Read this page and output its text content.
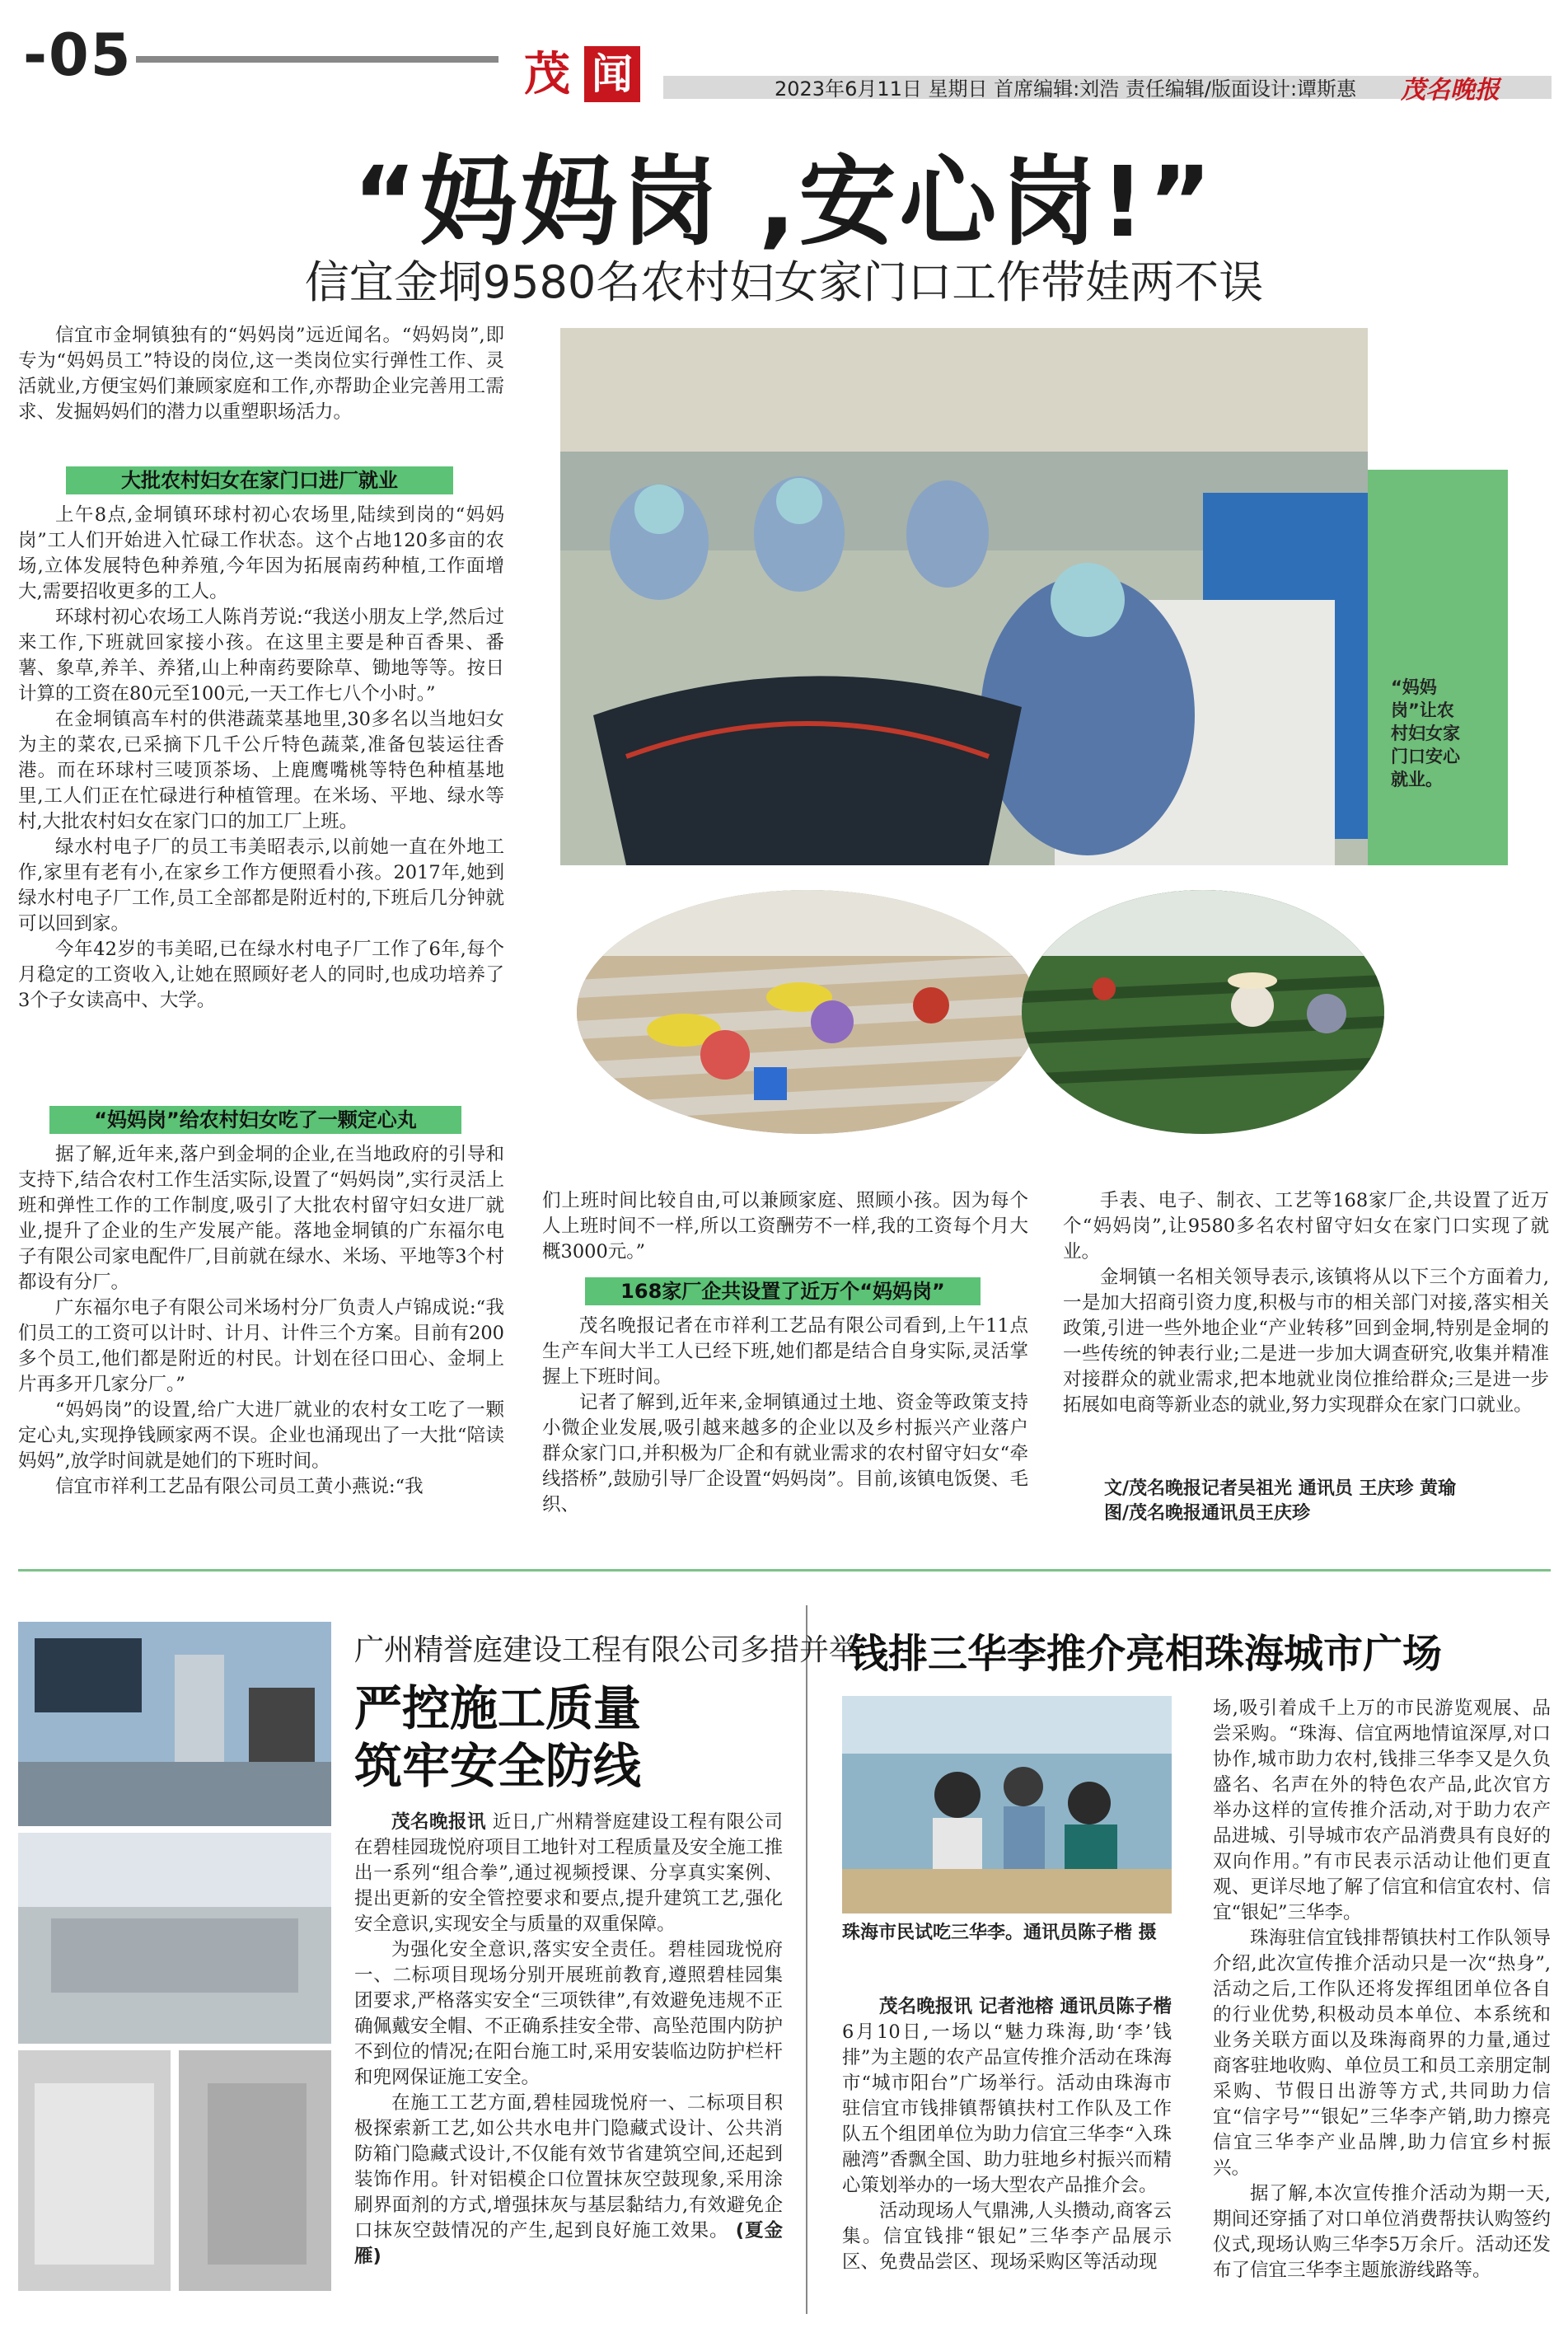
-05	茂 闻	2023年6月11日 星期日 首席编辑:刘浩 责任编辑/版面设计:谭斯惠 茂名晚报
“妈妈岗 ,安心岗!”
信宜金垌9580名农村妇女家门口工作带娃两不误

信宜市金垌镇独有的“妈妈岗”远近闻名。“妈妈岗”,即专为“妈妈员工”特设的岗位,这一类岗位实行弹性工作、灵活就业,方便宝妈们兼顾家庭和工作,亦帮助企业完善用工需求、发掘妈妈们的潜力以重塑职场活力。

大批农村妇女在家门口进厂就业

上午8点,金垌镇环球村初心农场里,陆续到岗的“妈妈岗”工人们开始进入忙碌工作状态。这个占地120多亩的农场,立体发展特色种养殖,今年因为拓展南药种植,工作面增大,需要招收更多的工人。

环球村初心农场工人陈肖芳说:“我送小朋友上学,然后过来工作,下班就回家接小孩。在这里主要是种百香果、番薯、象草,养羊、养猪,山上种南药要除草、锄地等等。按日计算的工资在80元至100元,一天工作七八个小时。”

在金垌镇高车村的供港蔬菜基地里,30多名以当地妇女为主的菜农,已采摘下几千公斤特色蔬菜,准备包装运往香港。而在环球村三唛顶茶场、上鹿鹰嘴桃等特色种植基地里,工人们正在忙碌进行种植管理。在米场、平地、绿水等村,大批农村妇女在家门口的加工厂上班。

绿水村电子厂的员工韦美昭表示,以前她一直在外地工作,家里有老有小,在家乡工作方便照看小孩。2017年,她到绿水村电子厂工作,员工全部都是附近村的,下班后几分钟就可以回到家。

今年42岁的韦美昭,已在绿水村电子厂工作了6年,每个月稳定的工资收入,让她在照顾好老人的同时,也成功培养了3个子女读高中、大学。

“妈妈岗”给农村妇女吃了一颗定心丸

据了解,近年来,落户到金垌的企业,在当地政府的引导和支持下,结合农村工作生活实际,设置了“妈妈岗”,实行灵活上班和弹性工作的工作制度,吸引了大批农村留守妇女进厂就业,提升了企业的生产发展产能。落地金垌镇的广东福尔电子有限公司家电配件厂,目前就在绿水、米场、平地等3个村都设有分厂。

广东福尔电子有限公司米场村分厂负责人卢锦成说:“我们员工的工资可以计时、计月、计件三个方案。目前有200多个员工,他们都是附近的村民。计划在径口田心、金垌上片再多开几家分厂。”

“妈妈岗”的设置,给广大进厂就业的农村女工吃了一颗定心丸,实现挣钱顾家两不误。企业也涌现出了一大批“陪读妈妈”,放学时间就是她们的下班时间。

信宜市祥利工艺品有限公司员工黄小燕说:“我

“妈妈岗”让农村妇女家门口安心就业。

们上班时间比较自由,可以兼顾家庭、照顾小孩。因为每个人上班时间不一样,所以工资酬劳不一样,我的工资每个月大概3000元。”

168家厂企共设置了近万个“妈妈岗”

茂名晚报记者在市祥利工艺品有限公司看到,上午11点生产车间大半工人已经下班,她们都是结合自身实际,灵活掌握上下班时间。

记者了解到,近年来,金垌镇通过土地、资金等政策支持小微企业发展,吸引越来越多的企业以及乡村振兴产业落户群众家门口,并积极为厂企和有就业需求的农村留守妇女“牵线搭桥”,鼓励引导厂企设置“妈妈岗”。目前,该镇电饭煲、毛织、

手表、电子、制衣、工艺等168家厂企,共设置了近万个“妈妈岗”,让9580多名农村留守妇女在家门口实现了就业。

金垌镇一名相关领导表示,该镇将从以下三个方面着力,一是加大招商引资力度,积极与市的相关部门对接,落实相关政策,引进一些外地企业“产业转移”回到金垌,特别是金垌的一些传统的钟表行业;二是进一步加大调查研究,收集并精准对接群众的就业需求,把本地就业岗位推给群众;三是进一步拓展如电商等新业态的就业,努力实现群众在家门口就业。

文/茂名晚报记者吴祖光 通讯员 王庆珍 黄瑜
图/茂名晚报通讯员王庆珍
广州精誉庭建设工程有限公司多措并举
严控施工质量
筑牢安全防线

茂名晚报讯 近日,广州精誉庭建设工程有限公司在碧桂园珑悦府项目工地针对工程质量及安全施工推出一系列“组合拳”,通过视频授课、分享真实案例、提出更新的安全管控要求和要点,提升建筑工艺,强化安全意识,实现安全与质量的双重保障。

为强化安全意识,落实安全责任。碧桂园珑悦府一、二标项目现场分别开展班前教育,遵照碧桂园集团要求,严格落实安全“三项铁律”,有效避免违规不正确佩戴安全帽、不正确系挂安全带、高坠范围内防护不到位的情况;在阳台施工时,采用安装临边防护栏杆和兜网保证施工安全。

在施工工艺方面,碧桂园珑悦府一、二标项目积极探索新工艺,如公共水电井门隐藏式设计、公共消防箱门隐藏式设计,不仅能有效节省建筑空间,还起到装饰作用。针对铝模企口位置抹灰空鼓现象,采用涂刷界面剂的方式,增强抹灰与基层黏结力,有效避免企口抹灰空鼓情况的产生,起到良好施工效果。 (夏金雁)

钱排三华李推介亮相珠海城市广场
珠海市民试吃三华李。通讯员陈子楷 摄

茂名晚报讯 记者池榕 通讯员陈子楷 6月10日,一场以“魅力珠海,助‘李’钱排”为主题的农产品宣传推介活动在珠海市“城市阳台”广场举行。活动由珠海市驻信宜市钱排镇帮镇扶村工作队及工作队五个组团单位为助力信宜三华李“入珠融湾”香飘全国、助力驻地乡村振兴而精心策划举办的一场大型农产品推介会。

活动现场人气鼎沸,人头攒动,商客云集。信宜钱排“银妃”三华李产品展示区、免费品尝区、现场采购区等活动现

场,吸引着成千上万的市民游览观展、品尝采购。“珠海、信宜两地情谊深厚,对口协作,城市助力农村,钱排三华李又是久负盛名、名声在外的特色农产品,此次官方举办这样的宣传推介活动,对于助力农产品进城、引导城市农产品消费具有良好的双向作用。”有市民表示活动让他们更直观、更详尽地了解了信宜和信宜农村、信宜“银妃”三华李。

珠海驻信宜钱排帮镇扶村工作队领导介绍,此次宣传推介活动只是一次“热身”,活动之后,工作队还将发挥组团单位各自的行业优势,积极动员本单位、本系统和业务关联方面以及珠海商界的力量,通过商客驻地收购、单位员工和员工亲朋定制采购、节假日出游等方式,共同助力信宜“信字号”“银妃”三华李产销,助力擦亮信宜三华李产业品牌,助力信宜乡村振兴。

据了解,本次宣传推介活动为期一天,期间还穿插了对口单位消费帮扶认购签约仪式,现场认购三华李5万余斤。活动还发布了信宜三华李主题旅游线路等。
